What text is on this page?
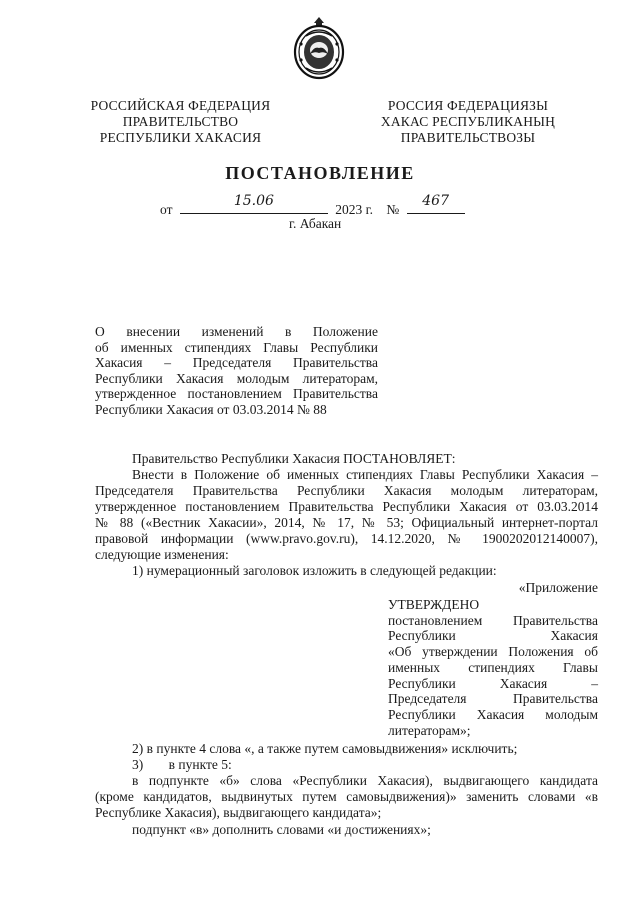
РОССИЙСКАЯ ФЕДЕРАЦИЯ
ПРАВИТЕЛЬСТВО
РЕСПУБЛИКИ ХАКАСИЯ
РОССИЯ ФЕДЕРАЦИЯЗЫ
ХАКАС РЕСПУБЛИКАНЫҢ
ПРАВИТЕЛЬСТВОЗЫ
ПОСТАНОВЛЕНИЕ
от
15.06
2023 г. №
467
г. Абакан
О внесении изменений в Положение
об именных стипендиях Главы Республики
Хакасия – Председателя Правительства
Республики Хакасия молодым литераторам,
утвержденное постановлением Правительства
Республики Хакасия от 03.03.2014 № 88
Правительство Республики Хакасия ПОСТАНОВЛЯЕТ:
Внести в Положение об именных стипендиях Главы Республики Хакасия –
Председателя Правительства Республики Хакасия молодым литераторам,
утвержденное постановлением Правительства Республики Хакасия от 03.03.2014
№ 88 («Вестник Хакасии», 2014, № 17, № 53; Официальный интернет-портал
правовой информации (www.pravo.gov.ru), 14.12.2020, № 1900202012140007),
следующие изменения:
1) нумерационный заголовок изложить в следующей редакции:
«Приложение
УТВЕРЖДЕНО
постановлением Правительства
Республики Хакасия
«Об утверждении Положения об
именных стипендиях Главы
Республики Хакасия –
Председателя Правительства
Республики Хакасия молодым
литераторам»;
2) в пункте 4 слова «, а также путем самовыдвижения» исключить;
3) в пункте 5:
в подпункте «б» слова «Республики Хакасия), выдвигающего кандидата
(кроме кандидатов, выдвинутых путем самовыдвижения)» заменить словами «в
Республике Хакасия), выдвигающего кандидата»;
подпункт «в» дополнить словами «и достижениях»;
